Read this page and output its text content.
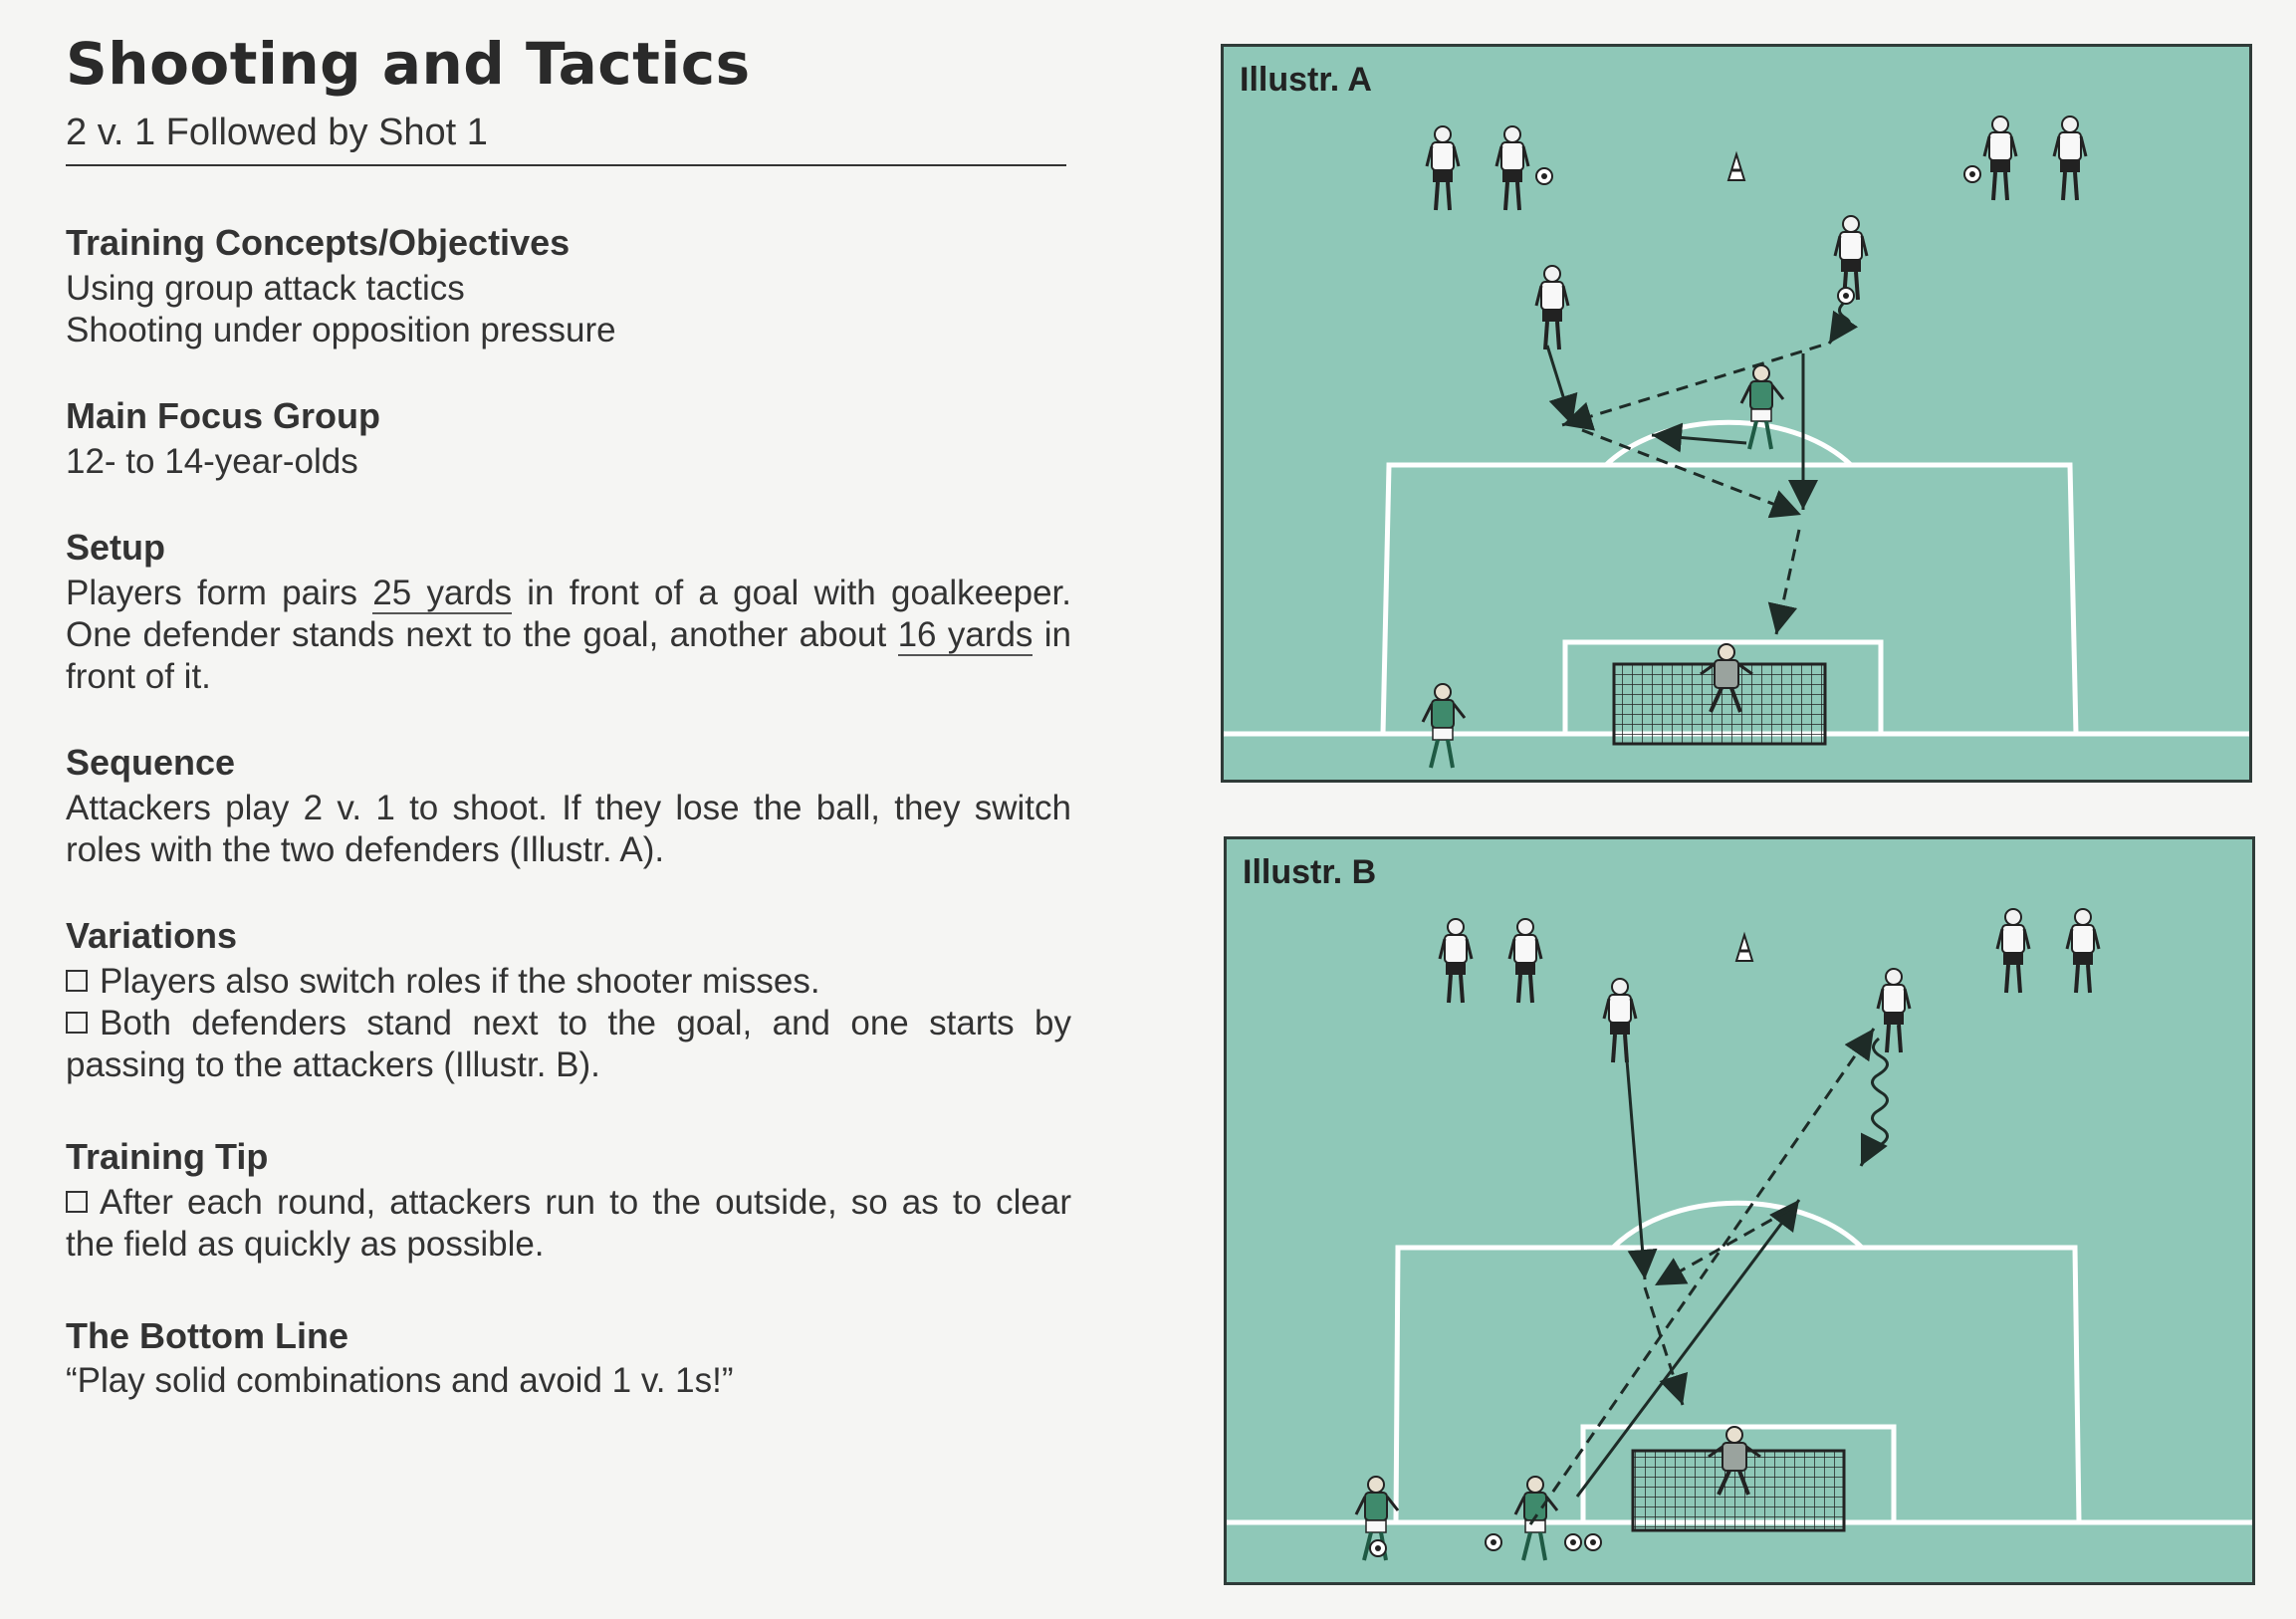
Shooting and Tactics
2 v. 1 Followed by Shot 1
Training Concepts/Objectives
Using group attack tactics
Shooting under opposition pressure
Main Focus Group
12- to 14-year-olds
Setup
Players form pairs 25 yards in front of a goal with goalkeeper. One defender stands next to the goal, another about 16 yards in front of it.
Sequence
Attackers play 2 v. 1 to shoot. If they lose the ball, they switch roles with the two defenders (Illustr. A).
Variations
Players also switch roles if the shooter misses.
Both defenders stand next to the goal, and one starts by passing to the attackers (Illustr. B).
Training Tip
After each round, attackers run to the outside, so as to clear the field as quickly as possible.
The Bottom Line
“Play solid combinations and avoid 1 v. 1s!”
Illustr. A
Illustr. B
